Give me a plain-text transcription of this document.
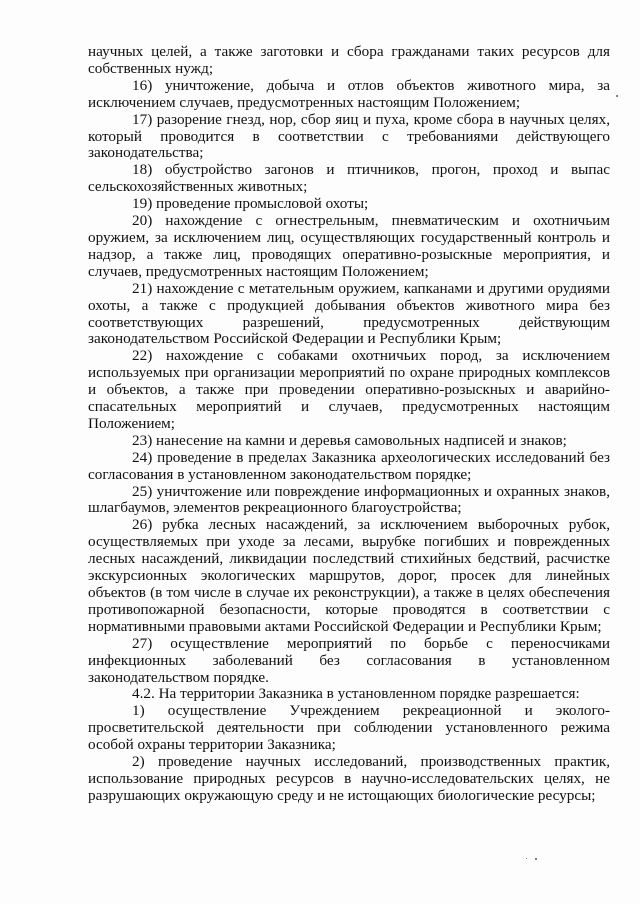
научных целей, а также заготовки и сбора гражданами таких ресурсов для собственных нужд;

16) уничтожение, добыча и отлов объектов животного мира, за исключением случаев, предусмотренных настоящим Положением;

17) разорение гнезд, нор, сбор яиц и пуха, кроме сбора в научных целях, который проводится в соответствии с требованиями действующего законодательства;

18) обустройство загонов и птичников, прогон, проход и выпас сельскохозяйственных животных;

19) проведение промысловой охоты;

20) нахождение с огнестрельным, пневматическим и охотничьим оружием, за исключением лиц, осуществляющих государственный контроль и надзор, а также лиц, проводящих оперативно-розыскные мероприятия, и случаев, предусмотренных настоящим Положением;

21) нахождение с метательным оружием, капканами и другими орудиями охоты, а также с продукцией добывания объектов животного мира без соответствующих разрешений, предусмотренных действующим законодательством Российской Федерации и Республики Крым;

22) нахождение с собаками охотничьих пород, за исключением используемых при организации мероприятий по охране природных комплексов и объектов, а также при проведении оперативно-розыскных и аварийно-спасательных мероприятий и случаев, предусмотренных настоящим Положением;

23) нанесение на камни и деревья самовольных надписей и знаков;

24) проведение в пределах Заказника археологических исследований без согласования в установленном законодательством порядке;

25) уничтожение или повреждение информационных и охранных знаков, шлагбаумов, элементов рекреационного благоустройства;

26) рубка лесных насаждений, за исключением выборочных рубок, осуществляемых при уходе за лесами, вырубке погибших и поврежденных лесных насаждений, ликвидации последствий стихийных бедствий, расчистке экскурсионных экологических маршрутов, дорог, просек для линейных объектов (в том числе в случае их реконструкции), а также в целях обеспечения противопожарной безопасности, которые проводятся в соответствии с нормативными правовыми актами Российской Федерации и Республики Крым;

27) осуществление мероприятий по борьбе с переносчиками инфекционных заболеваний без согласования в установленном законодательством порядке.

4.2. На территории Заказника в установленном порядке разрешается:

1) осуществление Учреждением рекреационной и эколого-просветительской деятельности при соблюдении установленного режима особой охраны территории Заказника;

2) проведение научных исследований, производственных практик, использование природных ресурсов в научно-исследовательских целях, не разрушающих окружающую среду и не истощающих биологические ресурсы;
